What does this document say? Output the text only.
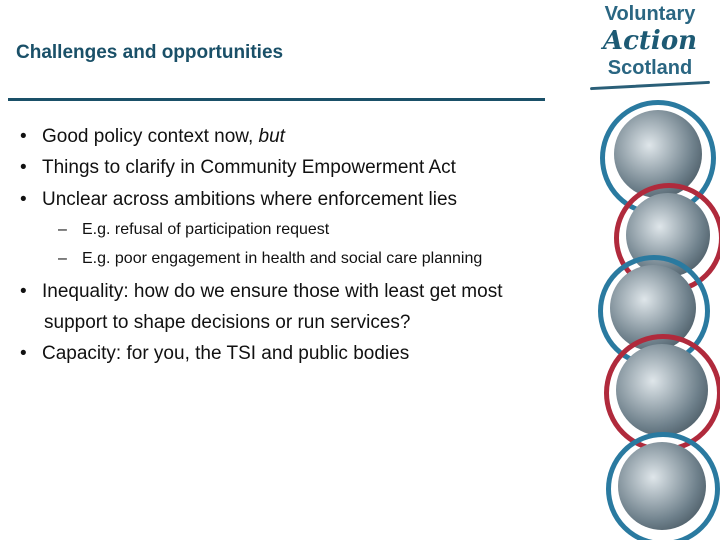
Challenges and opportunities
Voluntary
Action
Scotland
• Good policy context now, but
• Things to clarify in Community Empowerment Act
• Unclear across ambitions where enforcement lies
– E.g. refusal of participation request
– E.g. poor engagement in health and social care planning
• Inequality: how do we ensure those with least get most
support to shape decisions or run services?
• Capacity: for you, the TSI and public bodies
